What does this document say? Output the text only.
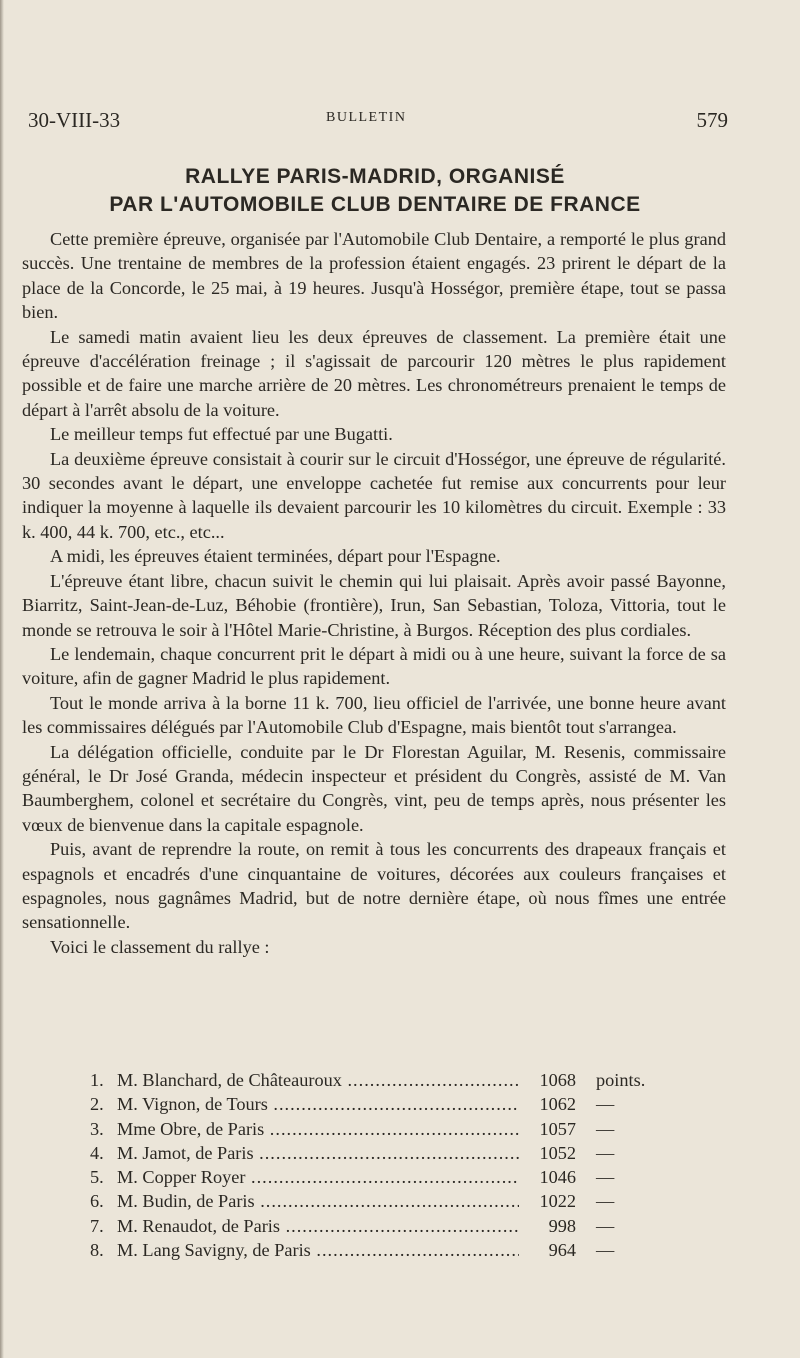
30-VIII-33	BULLETIN	579
RALLYE PARIS-MADRID, ORGANISÉ
PAR L'AUTOMOBILE CLUB DENTAIRE DE FRANCE

Cette première épreuve, organisée par l'Automobile Club Dentaire, a remporté le plus grand succès. Une trentaine de membres de la profession étaient engagés. 23 prirent le départ de la place de la Concorde, le 25 mai, à 19 heures. Jusqu'à Hosségor, première étape, tout se passa bien.

Le samedi matin avaient lieu les deux épreuves de classement. La première était une épreuve d'accélération freinage ; il s'agissait de parcourir 120 mètres le plus rapidement possible et de faire une marche arrière de 20 mètres. Les chronométreurs prenaient le temps de départ à l'arrêt absolu de la voiture.

Le meilleur temps fut effectué par une Bugatti.

La deuxième épreuve consistait à courir sur le circuit d'Hosségor, une épreuve de régularité. 30 secondes avant le départ, une enveloppe cachetée fut remise aux concurrents pour leur indiquer la moyenne à laquelle ils devaient parcourir les 10 kilomètres du circuit. Exemple : 33 k. 400, 44 k. 700, etc., etc...

A midi, les épreuves étaient terminées, départ pour l'Espagne.

L'épreuve étant libre, chacun suivit le chemin qui lui plaisait. Après avoir passé Bayonne, Biarritz, Saint-Jean-de-Luz, Béhobie (frontière), Irun, San Sebastian, Toloza, Vittoria, tout le monde se retrouva le soir à l'Hôtel Marie-Christine, à Burgos. Réception des plus cordiales.

Le lendemain, chaque concurrent prit le départ à midi ou à une heure, suivant la force de sa voiture, afin de gagner Madrid le plus rapidement.

Tout le monde arriva à la borne 11 k. 700, lieu officiel de l'arrivée, une bonne heure avant les commissaires délégués par l'Automobile Club d'Espagne, mais bientôt tout s'arrangea.

La délégation officielle, conduite par le Dr Florestan Aguilar, M. Resenis, commissaire général, le Dr José Granda, médecin inspecteur et président du Congrès, assisté de M. Van Baumberghem, colonel et secrétaire du Congrès, vint, peu de temps après, nous présenter les vœux de bienvenue dans la capitale espagnole.

Puis, avant de reprendre la route, on remit à tous les concurrents des drapeaux français et espagnols et encadrés d'une cinquantaine de voitures, décorées aux couleurs françaises et espagnoles, nous gagnâmes Madrid, but de notre dernière étape, où nous fîmes une entrée sensationnelle.

Voici le classement du rallye :

1. M. Blanchard, de Châteauroux .....	1068 points.
2. M. Vignon, de Tours .....	1062 —
3. Mme Obre, de Paris .....	1057 —
4. M. Jamot, de Paris .....	1052 —
5. M. Copper Royer .....	1046 —
6. M. Budin, de Paris .....	1022 —
7. M. Renaudot, de Paris .....	998 —
8. M. Lang Savigny, de Paris .....	964 —
